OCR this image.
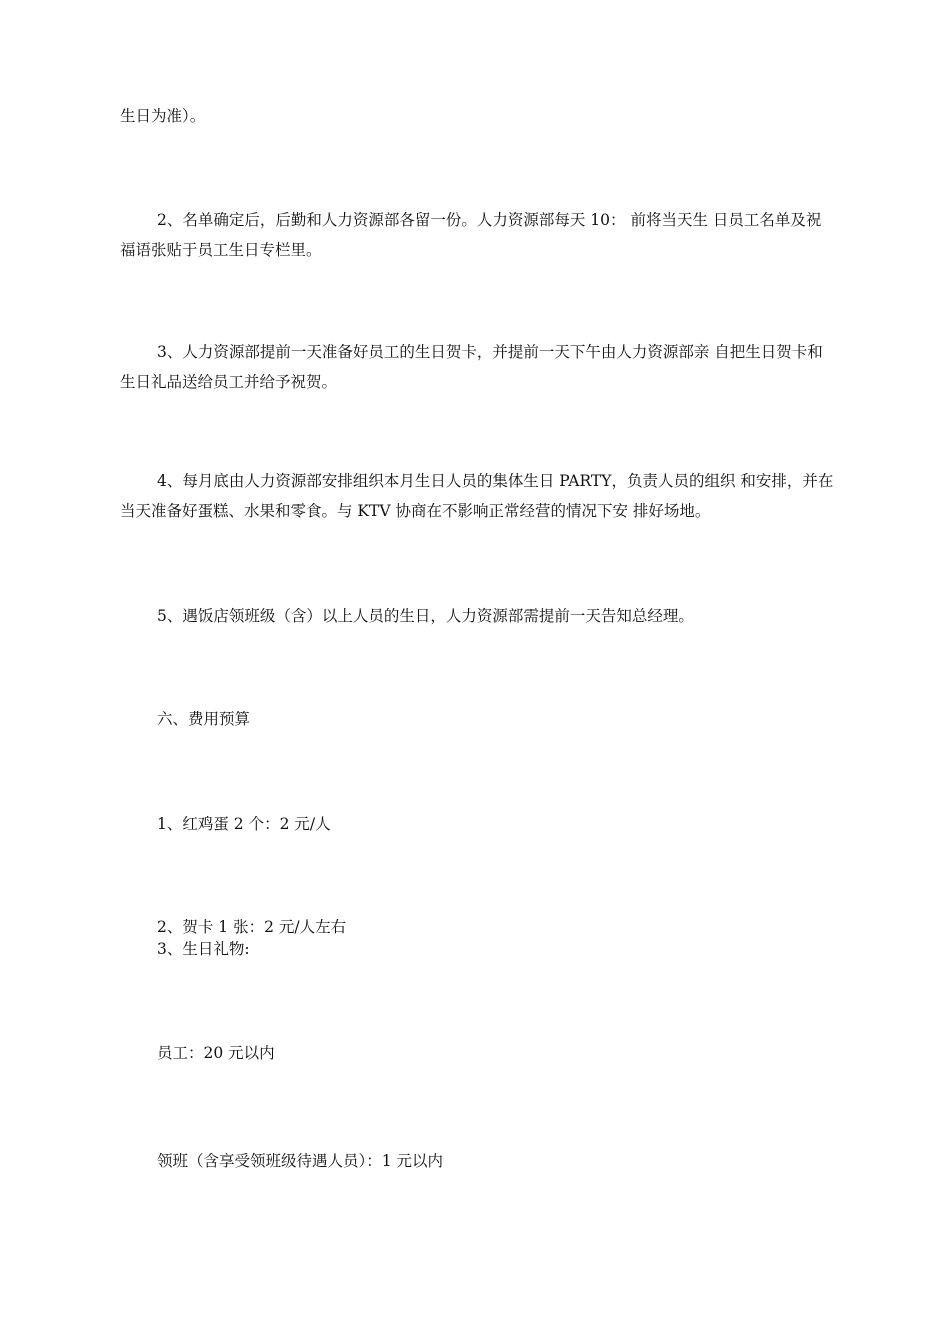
生日为准）。

2、名单确定后，后勤和人力资源部各留一份。人力资源部每天 10： 前将当天生 日员工名单及祝福语张贴于员工生日专栏里。

3、人力资源部提前一天准备好员工的生日贺卡，并提前一天下午由人力资源部亲 自把生日贺卡和生日礼品送给员工并给予祝贺。

4、每月底由人力资源部安排组织本月生日人员的集体生日 PARTY，负责人员的组织 和安排，并在当天准备好蛋糕、水果和零食。与 KTV 协商在不影响正常经营的情况下安 排好场地。

5、遇饭店领班级（含）以上人员的生日，人力资源部需提前一天告知总经理。

六、费用预算

1、红鸡蛋 2 个：2 元/人

2、贺卡 1 张：2 元/人左右

3、生日礼物:

员工：20 元以内

领班（含享受领班级待遇人员）：1 元以内
